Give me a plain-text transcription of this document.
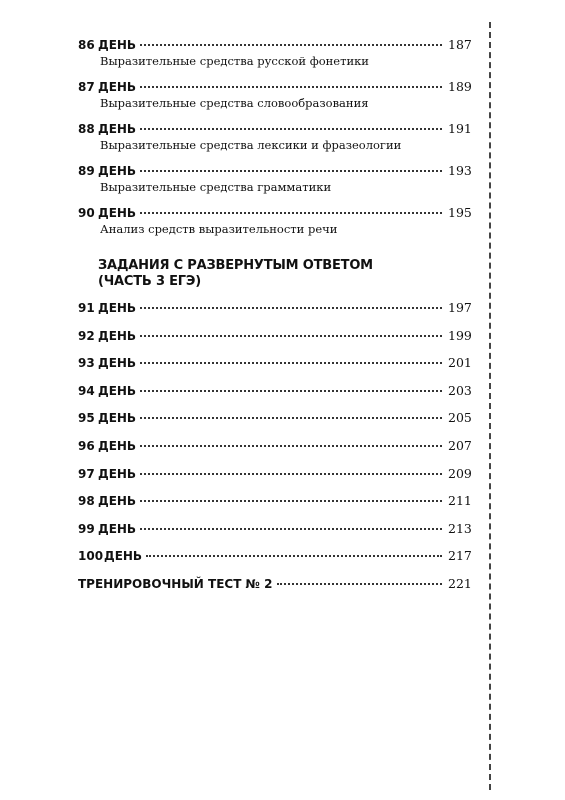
86 ДЕНЬ	187
Выразительные средства русской фонетики
87 ДЕНЬ	189
Выразительные средства словообразования
88 ДЕНЬ	191
Выразительные средства лексики и фразеологии
89 ДЕНЬ	193
Выразительные средства грамматики
90 ДЕНЬ	195
Анализ средств выразительности речи
ЗАДАНИЯ С РАЗВЕРНУТЫМ ОТВЕТОМ
(ЧАСТЬ 3 ЕГЭ)
91 ДЕНЬ	197
92 ДЕНЬ	199
93 ДЕНЬ	201
94 ДЕНЬ	203
95 ДЕНЬ	205
96 ДЕНЬ	207
97 ДЕНЬ	209
98 ДЕНЬ	211
99 ДЕНЬ	213
100 ДЕНЬ	217
ТРЕНИРОВОЧНЫЙ ТЕСТ № 2	221
